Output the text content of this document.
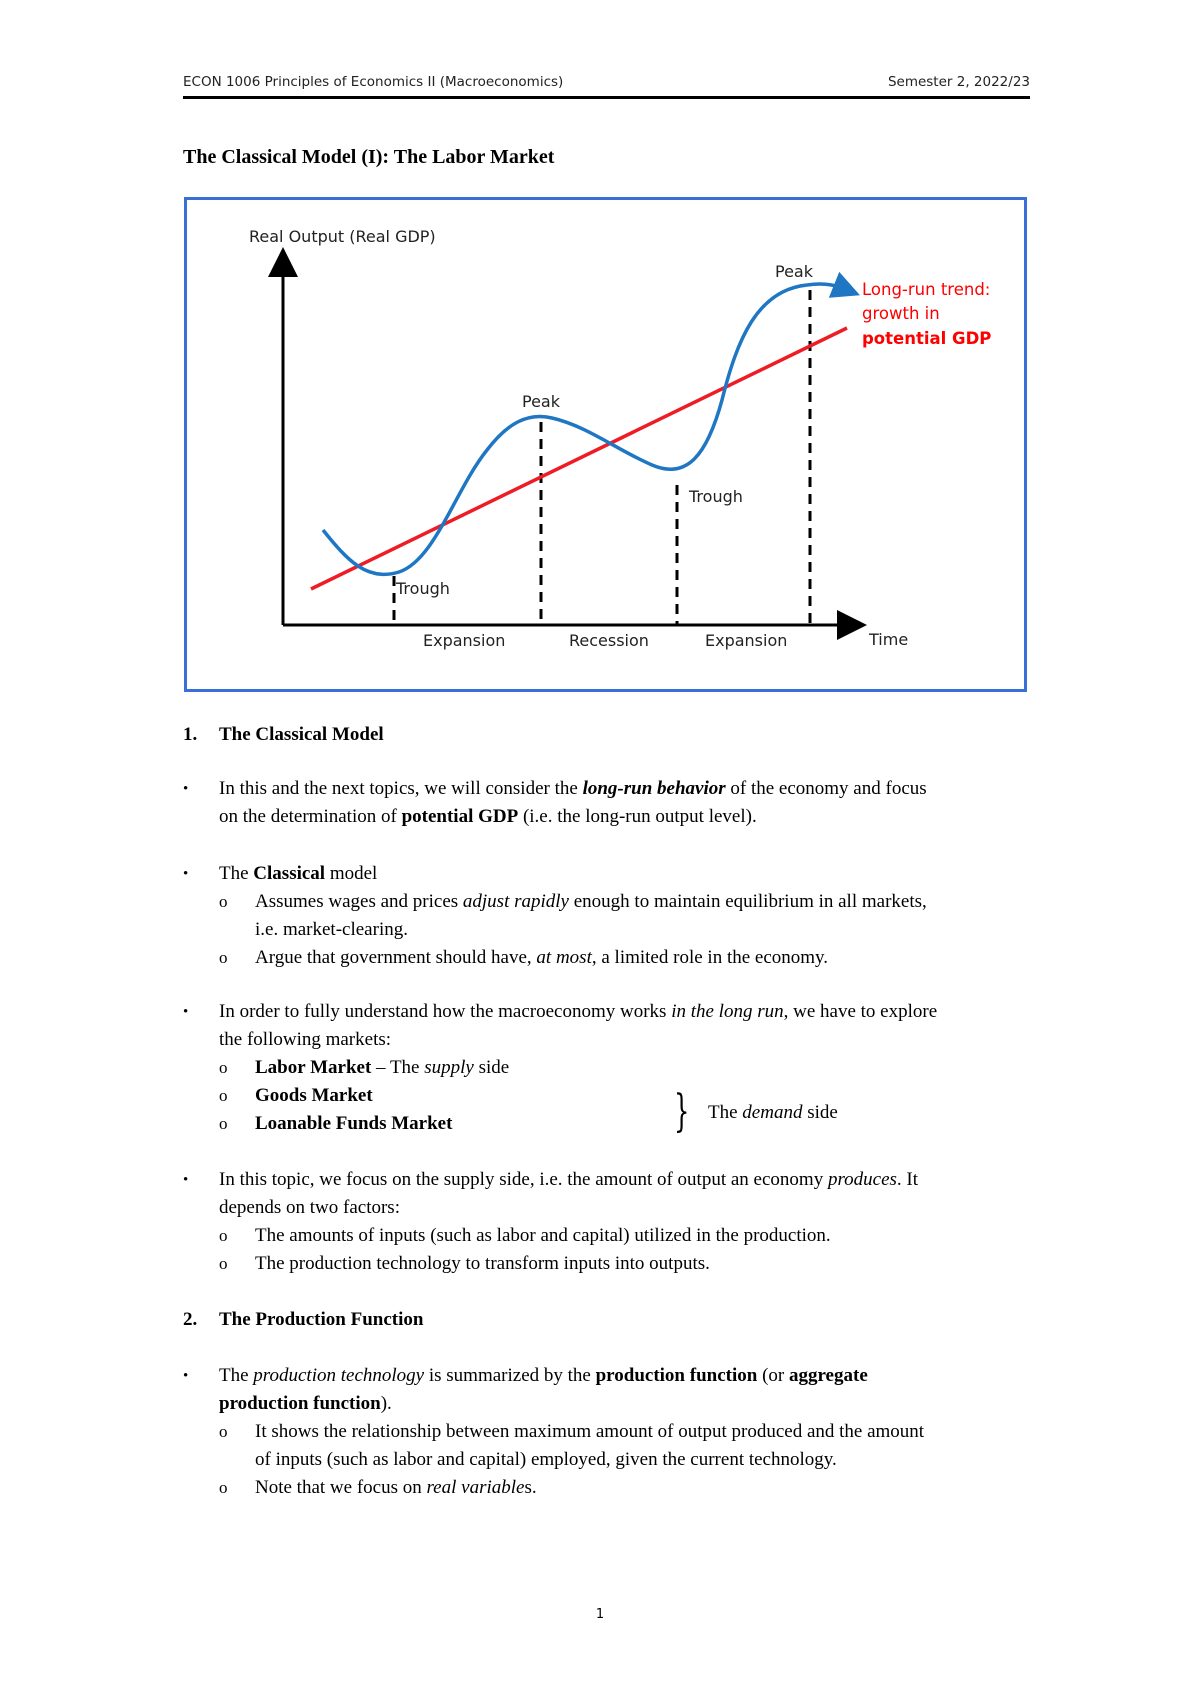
ECON 1006 Principles of Economics II (Macroeconomics)	Semester 2, 2022/23
The Classical Model (I): The Labor Market
Real Output (Real GDP)
Time
Peak
Peak
Trough
Trough
Expansion	Recession	Expansion
Long-run trend:
growth in
potential GDP
1. The Classical Model
• In this and the next topics, we will consider the long-run behavior of the economy and focus
on the determination of potential GDP (i.e. the long-run output level).
• The Classical model
o Assumes wages and prices adjust rapidly enough to maintain equilibrium in all markets,
i.e. market-clearing.
o Argue that government should have, at most, a limited role in the economy.
• In order to fully understand how the macroeconomy works in the long run, we have to explore
the following markets:
o Labor Market – The supply side
o Goods Market
o Loanable Funds Market	} The demand side
• In this topic, we focus on the supply side, i.e. the amount of output an economy produces. It
depends on two factors:
o The amounts of inputs (such as labor and capital) utilized in the production.
o The production technology to transform inputs into outputs.
2. The Production Function
• The production technology is summarized by the production function (or aggregate
production function).
o It shows the relationship between maximum amount of output produced and the amount
of inputs (such as labor and capital) employed, given the current technology.
o Note that we focus on real variables.
1
